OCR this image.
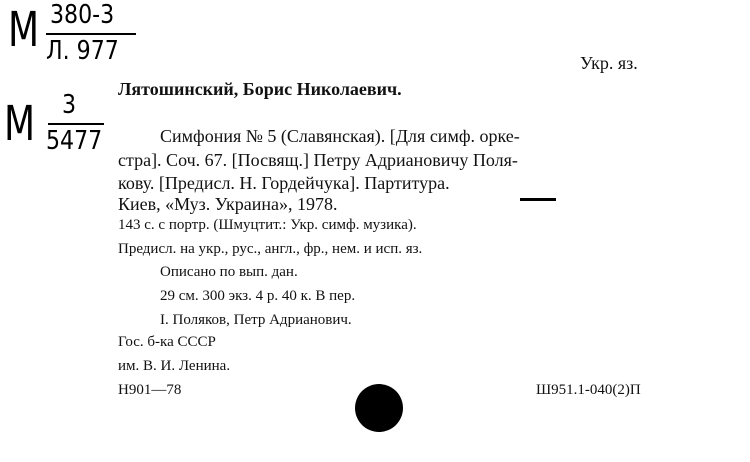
М 380-3
Л. 977
М 3
5477
Укр. яз.
Лятошинский, Борис Николаевич.
Симфония № 5 (Славянская). [Для симф. орке-
стра]. Соч. 67. [Посвящ.] Петру Адриановичу Поля-
кову. [Предисл. Н. Гордейчука]. Партитура.
Киев, «Муз. Украина», 1978.
143 с. с портр. (Шмуцтит.: Укр. симф. музика).
Предисл. на укр., рус., англ., фр., нем. и исп. яз.
Описано по вып. дан.
29 см. 300 экз. 4 р. 40 к. В пер.
I. Поляков, Петр Адрианович.
Гос. б-ка СССР
им. В. И. Ленина.
Н901—78	Ш951.1-040(2)П
